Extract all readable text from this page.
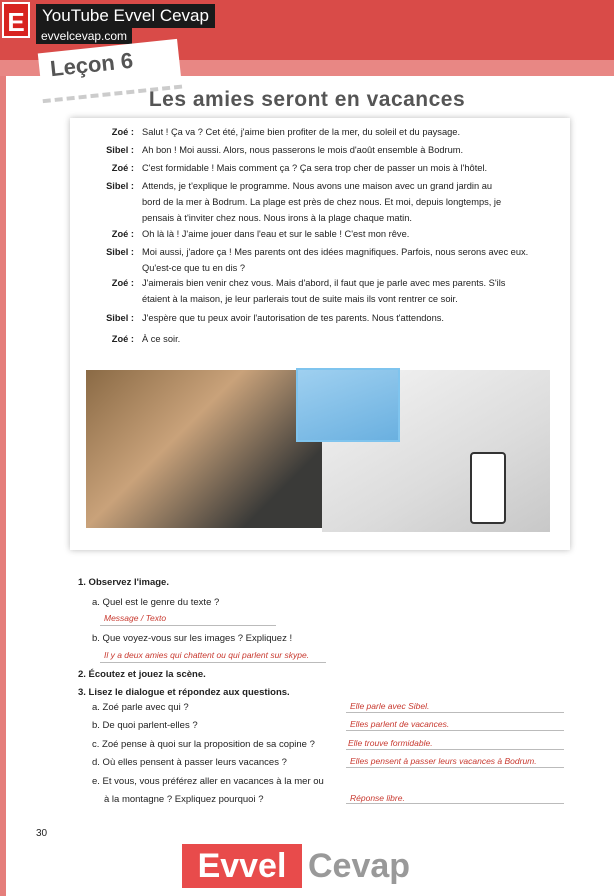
E	YouTube Evvel Cevap
evvelcevap.com
Leçon 6
Les amies seront en vacances
Zoé : Salut ! Ça va ? Cet été, j'aime bien profiter de la mer, du soleil et du paysage.
Sibel : Ah bon ! Moi aussi. Alors, nous passerons le mois d'août ensemble à Bodrum.
Zoé : C'est formidable ! Mais comment ça ? Ça sera trop cher de passer un mois à l'hôtel.
Sibel : Attends, je t'explique le programme. Nous avons une maison avec un grand jardin au bord de la mer à Bodrum. La plage est près de chez nous. Et moi, depuis longtemps, je pensais à t'inviter chez nous. Nous irons à la plage chaque matin.
Zoé : Oh là là ! J'aime jouer dans l'eau et sur le sable ! C'est mon rêve.
Sibel : Moi aussi, j'adore ça ! Mes parents ont des idées magnifiques. Parfois, nous serons avec eux. Qu'est-ce que tu en dis ?
Zoé : J'aimerais bien venir chez vous. Mais d'abord, il faut que je parle avec mes parents. S'ils étaient à la maison, je leur parlerais tout de suite mais ils vont rentrer ce soir.
Sibel : J'espère que tu peux avoir l'autorisation de tes parents. Nous t'attendons.
Zoé : À ce soir.
1. Observez l'image.
a. Quel est le genre du texte ?
Message / Texto
b. Que voyez-vous sur les images ? Expliquez !
Il y a deux amies qui chattent ou qui parlent sur skype.
2. Écoutez et jouez la scène.
3. Lisez le dialogue et répondez aux questions.
a. Zoé parle avec qui ?	Elle parle avec Sibel.
b. De quoi parlent-elles ?	Elles parlent de vacances.
c. Zoé pense à quoi sur la proposition de sa copine ?	Elle trouve formidable.
d. Où elles pensent à passer leurs vacances ?	Elles pensent à passer leurs vacances à Bodrum.
e. Et vous, vous préférez aller en vacances à la mer ou
à la montagne ? Expliquez pourquoi ?	Réponse libre.
30
Evvel Cevap
